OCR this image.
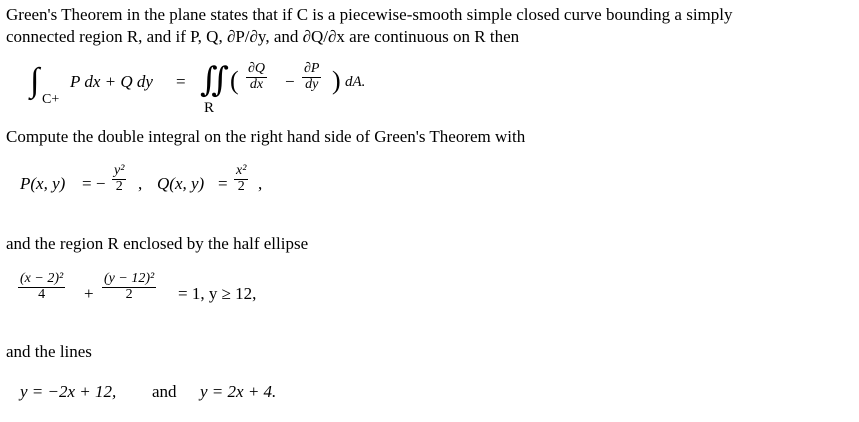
Green's Theorem in the plane states that if C is a piecewise-smooth simple closed curve bounding a simply
connected region R, and if P, Q, ∂P/∂y, and ∂Q/∂x are continuous on R then
∫
C+
P dx + Q dy = ∬
R
( $\frac{\partial Q}{dx} - \frac{\partial P}{dy}$ ) dA.
Compute the double integral on the right hand side of Green's Theorem with
P(x, y) = − $\frac{\text{y²}}{2}$ , Q(x, $y) = \frac{\text{x²}}{2}$ ,
and the region R enclosed by the half ellipse
$\frac{\text{(x − 2)²}}{4} + \frac{\text{(y − 12)²}}{2} = 1$, y ≥ 12,
and the lines
y = −2x + 12, and y = 2x + 4.
